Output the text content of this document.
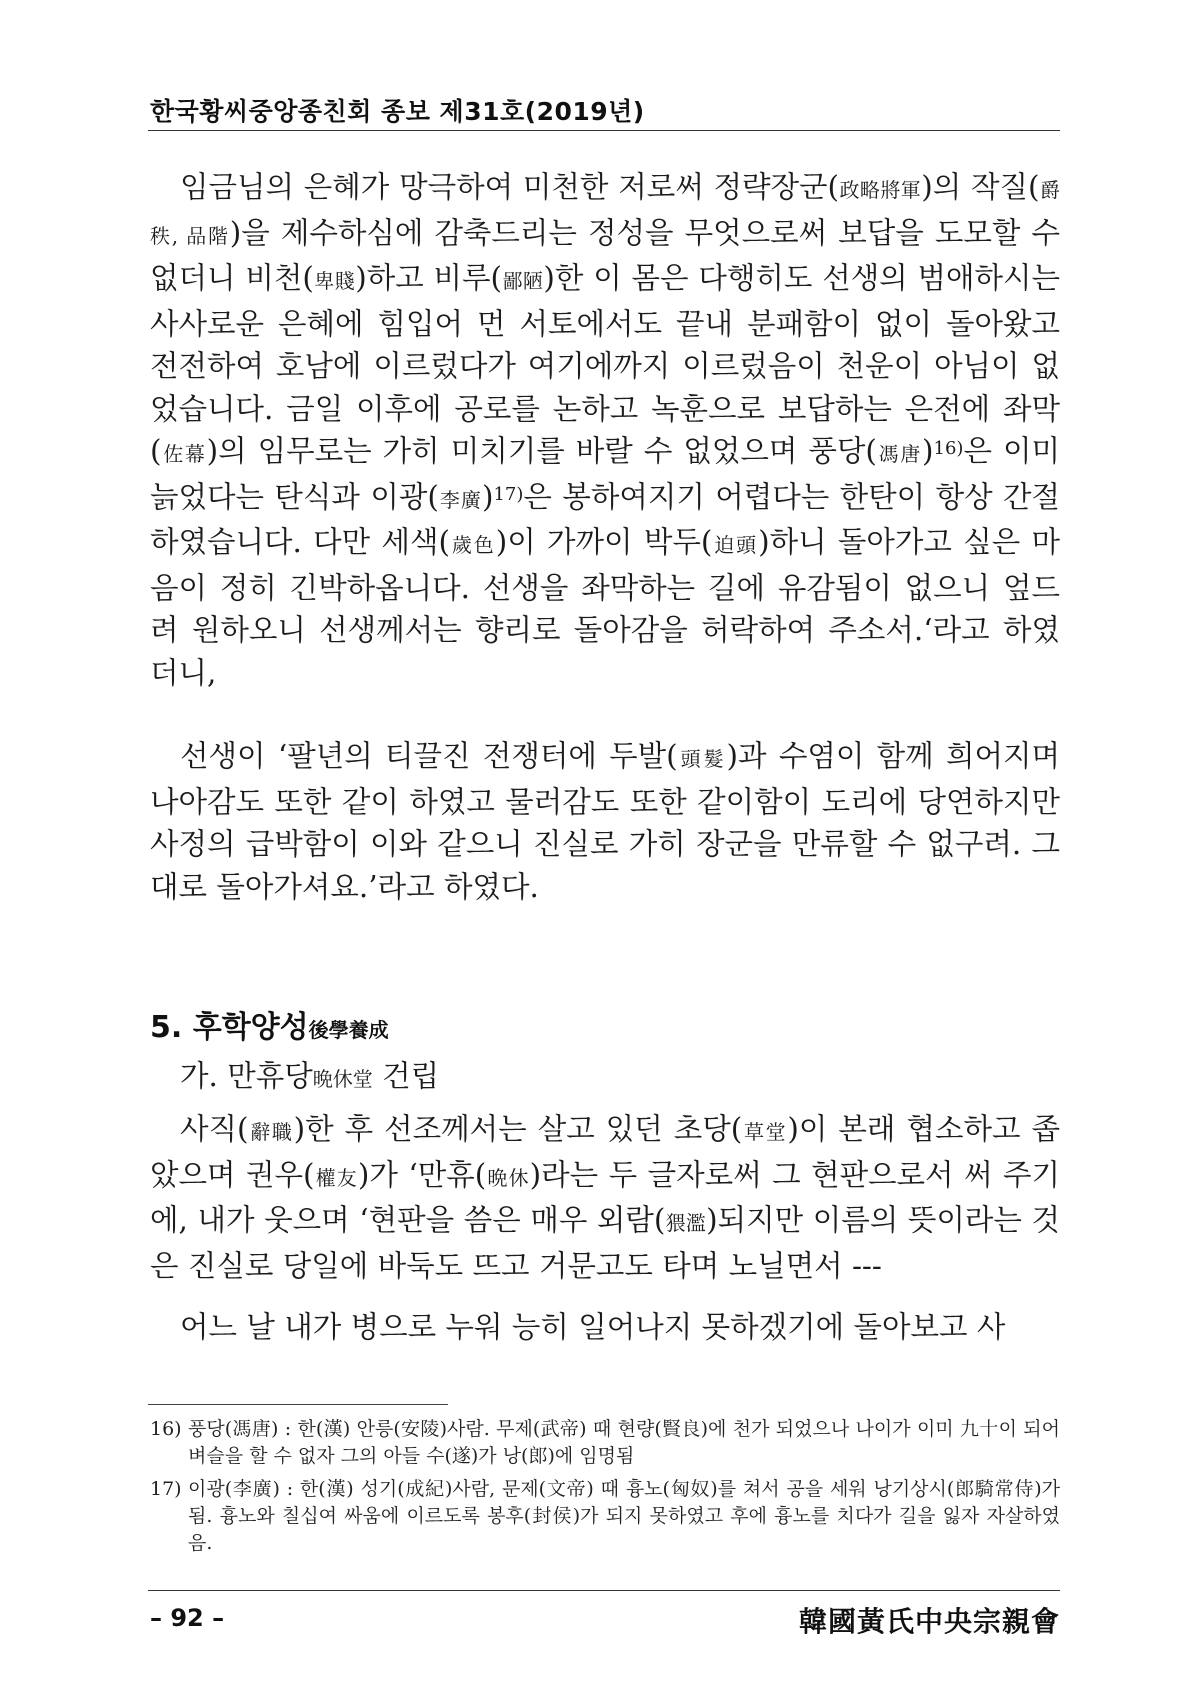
한국황씨중앙종친회 종보 제31호(2019년)

임금님의 은혜가 망극하여 미천한 저로써 정략장군(政略將軍)의 작질(爵秩, 品階)을 제수하심에 감축드리는 정성을 무엇으로써 보답을 도모할 수 없더니 비천(卑賤)하고 비루(鄙陋)한 이 몸은 다행히도 선생의 범애하시는 사사로운 은혜에 힘입어 먼 서토에서도 끝내 분패함이 없이 돌아왔고 전전하여 호남에 이르렀다가 여기에까지 이르렀음이 천운이 아님이 없었습니다. 금일 이후에 공로를 논하고 녹훈으로 보답하는 은전에 좌막(佐幕)의 임무로는 가히 미치기를 바랄 수 없었으며 풍당(馮唐)$^{16)}$은 이미 늙었다는 탄식과 이광(李廣)$^{17)}$은 봉하여지기 어렵다는 한탄이 항상 간절하였습니다. 다만 세색(歲色)이 가까이 박두(迫頭)하니 돌아가고 싶은 마음이 정히 긴박하옵니다. 선생을 좌막하는 길에 유감됨이 없으니 엎드려 원하오니 선생께서는 향리로 돌아감을 허락하여 주소서.‘라고 하였더니,

선생이 ‘팔년의 티끌진 전쟁터에 두발(頭髮)과 수염이 함께 희어지며 나아감도 또한 같이 하였고 물러감도 또한 같이함이 도리에 당연하지만 사정의 급박함이 이와 같으니 진실로 가히 장군을 만류할 수 없구려. 그대로 돌아가셔요.’라고 하였다.

5. 후학양성後學養成
가. 만휴당晩休堂 건립

사직(辭職)한 후 선조께서는 살고 있던 초당(草堂)이 본래 협소하고 좁았으며 권우(權友)가 ‘만휴(晩休)라는 두 글자로써 그 현판으로서 써 주기에, 내가 웃으며 ‘현판을 씀은 매우 외람(猥濫)되지만 이름의 뜻이라는 것은 진실로 당일에 바둑도 뜨고 거문고도 타며 노닐면서 ---

어느 날 내가 병으로 누워 능히 일어나지 못하겠기에 돌아보고 사

16) 풍당(馮唐) : 한(漢) 안릉(安陵)사람. 무제(武帝) 때 현량(賢良)에 천가 되었으나 나이가 이미 九十이 되어 벼슬을 할 수 없자 그의 아들 수(遂)가 낭(郎)에 임명됨
17) 이광(李廣) : 한(漢) 성기(成紀)사람, 문제(文帝) 때 흉노(匈奴)를 쳐서 공을 세워 낭기상시(郎騎常侍)가 됨. 흉노와 칠십여 싸움에 이르도록 봉후(封侯)가 되지 못하였고 후에 흉노를 치다가 길을 잃자 자살하였음.
– 92 –	韓國黃氏中央宗親會
